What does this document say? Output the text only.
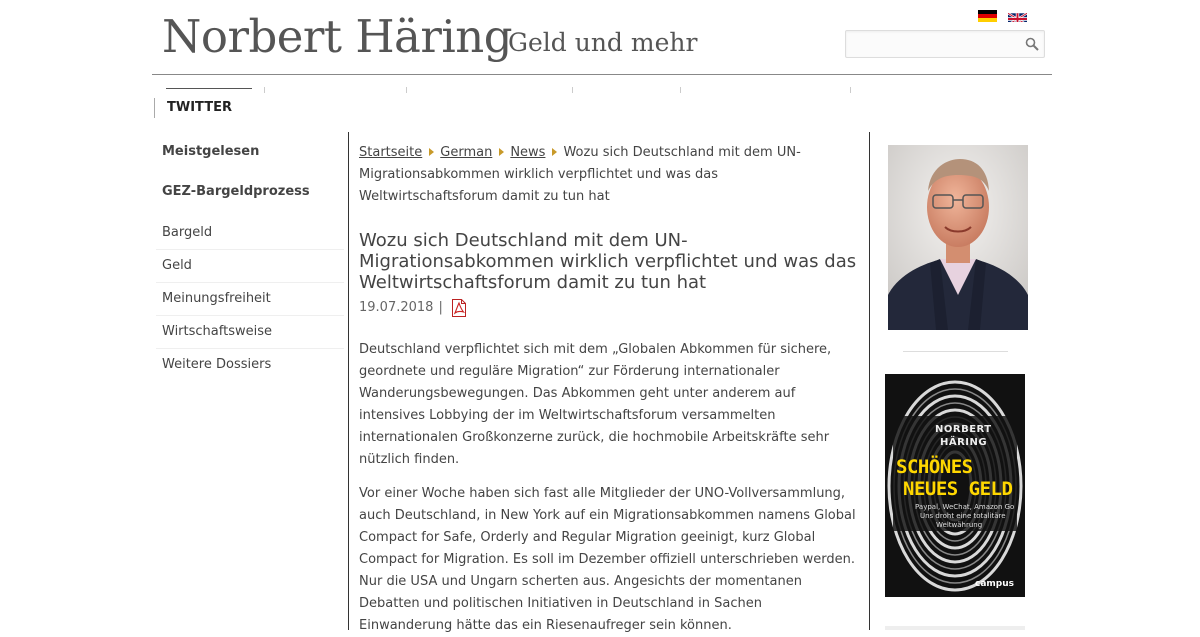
Norbert Häring
Geld und mehr
TWITTER
Meistgelesen
GEZ-Bargeldprozess
Bargeld
Geld
Meinungsfreiheit
Wirtschaftsweise
Weitere Dossiers
Startseite German News Wozu sich Deutschland mit dem UN-Migrationsabkommen wirklich verpflichtet und was das Weltwirtschaftsforum damit zu tun hat
Wozu sich Deutschland mit dem UN-Migrationsabkommen wirklich verpflichtet und was das Weltwirtschaftsforum damit zu tun hat
19.07.2018 |

Deutschland verpflichtet sich mit dem „Globalen Abkommen für sichere, geordnete und reguläre Migration“ zur Förderung internationaler Wanderungsbewegungen. Das Abkommen geht unter anderem auf intensives Lobbying der im Weltwirtschaftsforum versammelten internationalen Großkonzerne zurück, die hochmobile Arbeitskräfte sehr nützlich finden.

Vor einer Woche haben sich fast alle Mitglieder der UNO-Vollversammlung, auch Deutschland, in New York auf ein Migrationsabkommen namens Global Compact for Safe, Orderly and Regular Migration geeinigt, kurz Global Compact for Migration. Es soll im Dezember offiziell unterschrieben werden. Nur die USA und Ungarn scherten aus. Angesichts der momentanen Debatten und politischen Initiativen in Deutschland in Sachen Einwanderung hätte das ein Riesenaufreger sein können.

NORBERT
HÄRING
SCHÖNES
NEUES GELD
Paypal, WeChat, Amazon Go
Uns droht eine totalitäre
Weltwährung
campus
